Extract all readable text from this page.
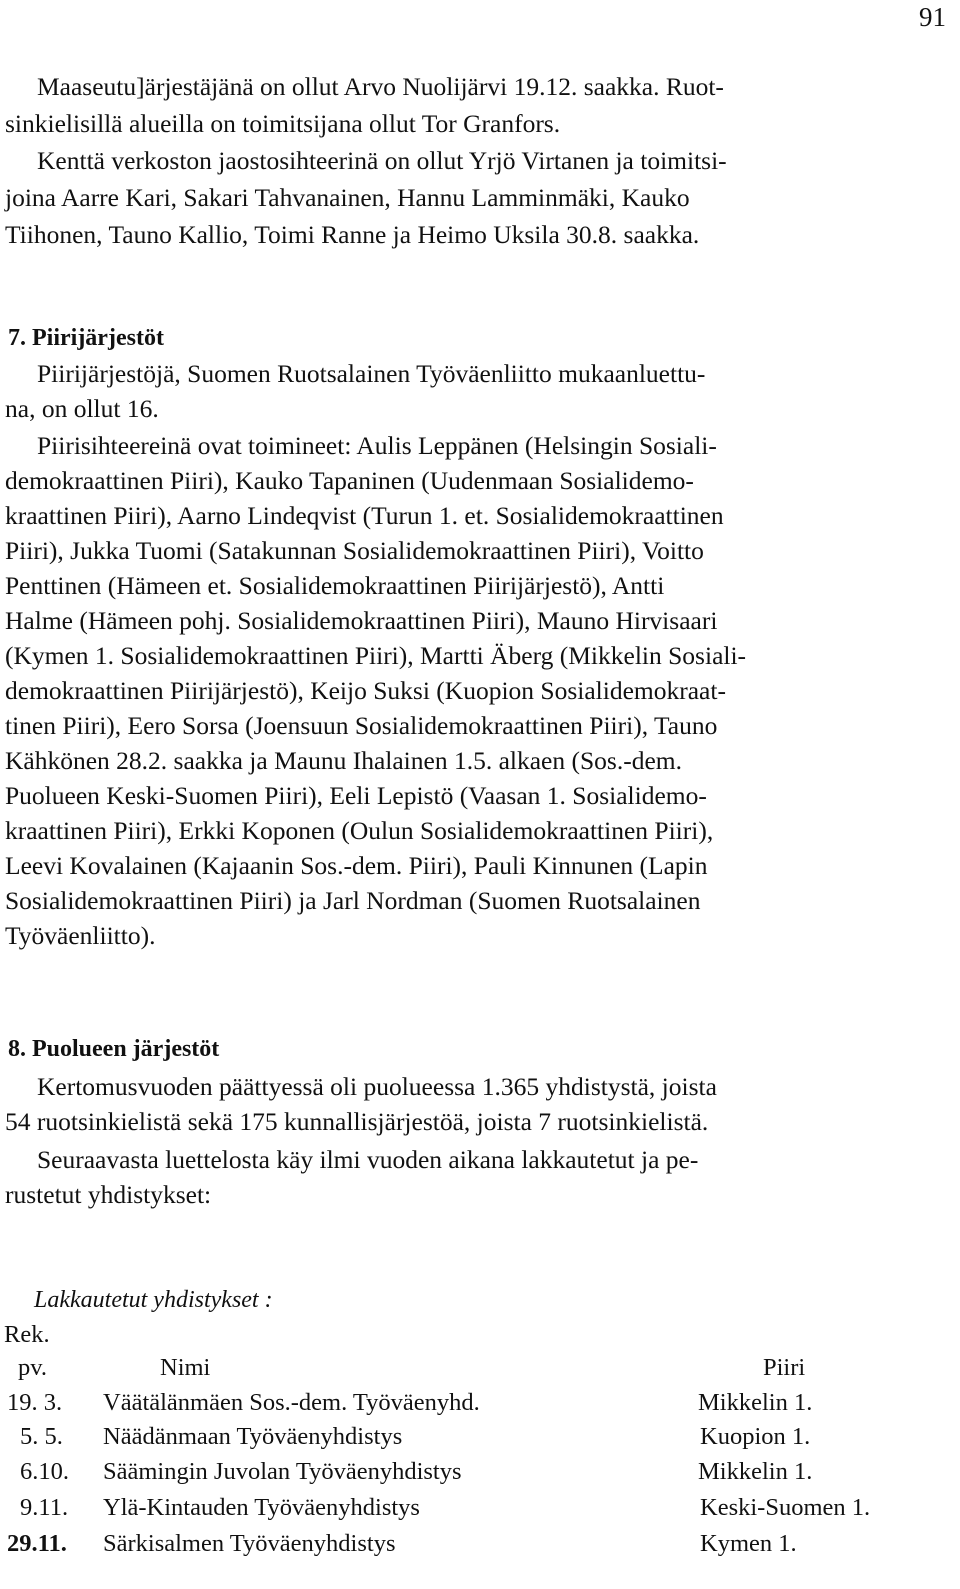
91
Maaseutu]ärjestäjänä on ollut Arvo Nuolijärvi 19.12. saakka. Ruot-
sinkielisillä alueilla on toimitsijana ollut Tor Granfors.
Kenttä verkoston jaostosihteerinä on ollut Yrjö Virtanen ja toimitsi-
joina Aarre Kari, Sakari Tahvanainen, Hannu Lamminmäki, Kauko
Tiihonen, Tauno Kallio, Toimi Ranne ja Heimo Uksila 30.8. saakka.
7. Piirijärjestöt
Piirijärjestöjä, Suomen Ruotsalainen Työväenliitto mukaanluettu-
na, on ollut 16.
Piirisihteereinä ovat toimineet: Aulis Leppänen (Helsingin Sosiali-
demokraattinen Piiri), Kauko Tapaninen (Uudenmaan Sosialidemo-
kraattinen Piiri), Aarno Lindeqvist (Turun 1. et. Sosialidemokraattinen
Piiri), Jukka Tuomi (Satakunnan Sosialidemokraattinen Piiri), Voitto
Penttinen (Hämeen et. Sosialidemokraattinen Piirijärjestö), Antti
Halme (Hämeen pohj. Sosialidemokraattinen Piiri), Mauno Hirvisaari
(Kymen 1. Sosialidemokraattinen Piiri), Martti Äberg (Mikkelin Sosiali-
demokraattinen Piirijärjestö), Keijo Suksi (Kuopion Sosialidemokraat-
tinen Piiri), Eero Sorsa (Joensuun Sosialidemokraattinen Piiri), Tauno
Kähkönen 28.2. saakka ja Maunu Ihalainen 1.5. alkaen (Sos.-dem.
Puolueen Keski-Suomen Piiri), Eeli Lepistö (Vaasan 1. Sosialidemo-
kraattinen Piiri), Erkki Koponen (Oulun Sosialidemokraattinen Piiri),
Leevi Kovalainen (Kajaanin Sos.-dem. Piiri), Pauli Kinnunen (Lapin
Sosialidemokraattinen Piiri) ja Jarl Nordman (Suomen Ruotsalainen
Työväenliitto).
8. Puolueen järjestöt
Kertomusvuoden päättyessä oli puolueessa 1.365 yhdistystä, joista
54 ruotsinkielistä sekä 175 kunnallisjärjestöä, joista 7 ruotsinkielistä.
Seuraavasta luettelosta käy ilmi vuoden aikana lakkautetut ja pe-
rustetut yhdistykset:
Lakkautetut yhdistykset :
Rek.
pv.	Nimi	Piiri
19. 3. Väätälänmäen Sos.-dem. Työväenyhd.	Mikkelin 1.
5. 5. Näädänmaan Työväenyhdistys	Kuopion 1.
6.10. Säämingin Juvolan Työväenyhdistys	Mikkelin 1.
9.11. Ylä-Kintauden Työväenyhdistys	Keski-Suomen 1.
29.11. Särkisalmen Työväenyhdistys	Kymen 1.
